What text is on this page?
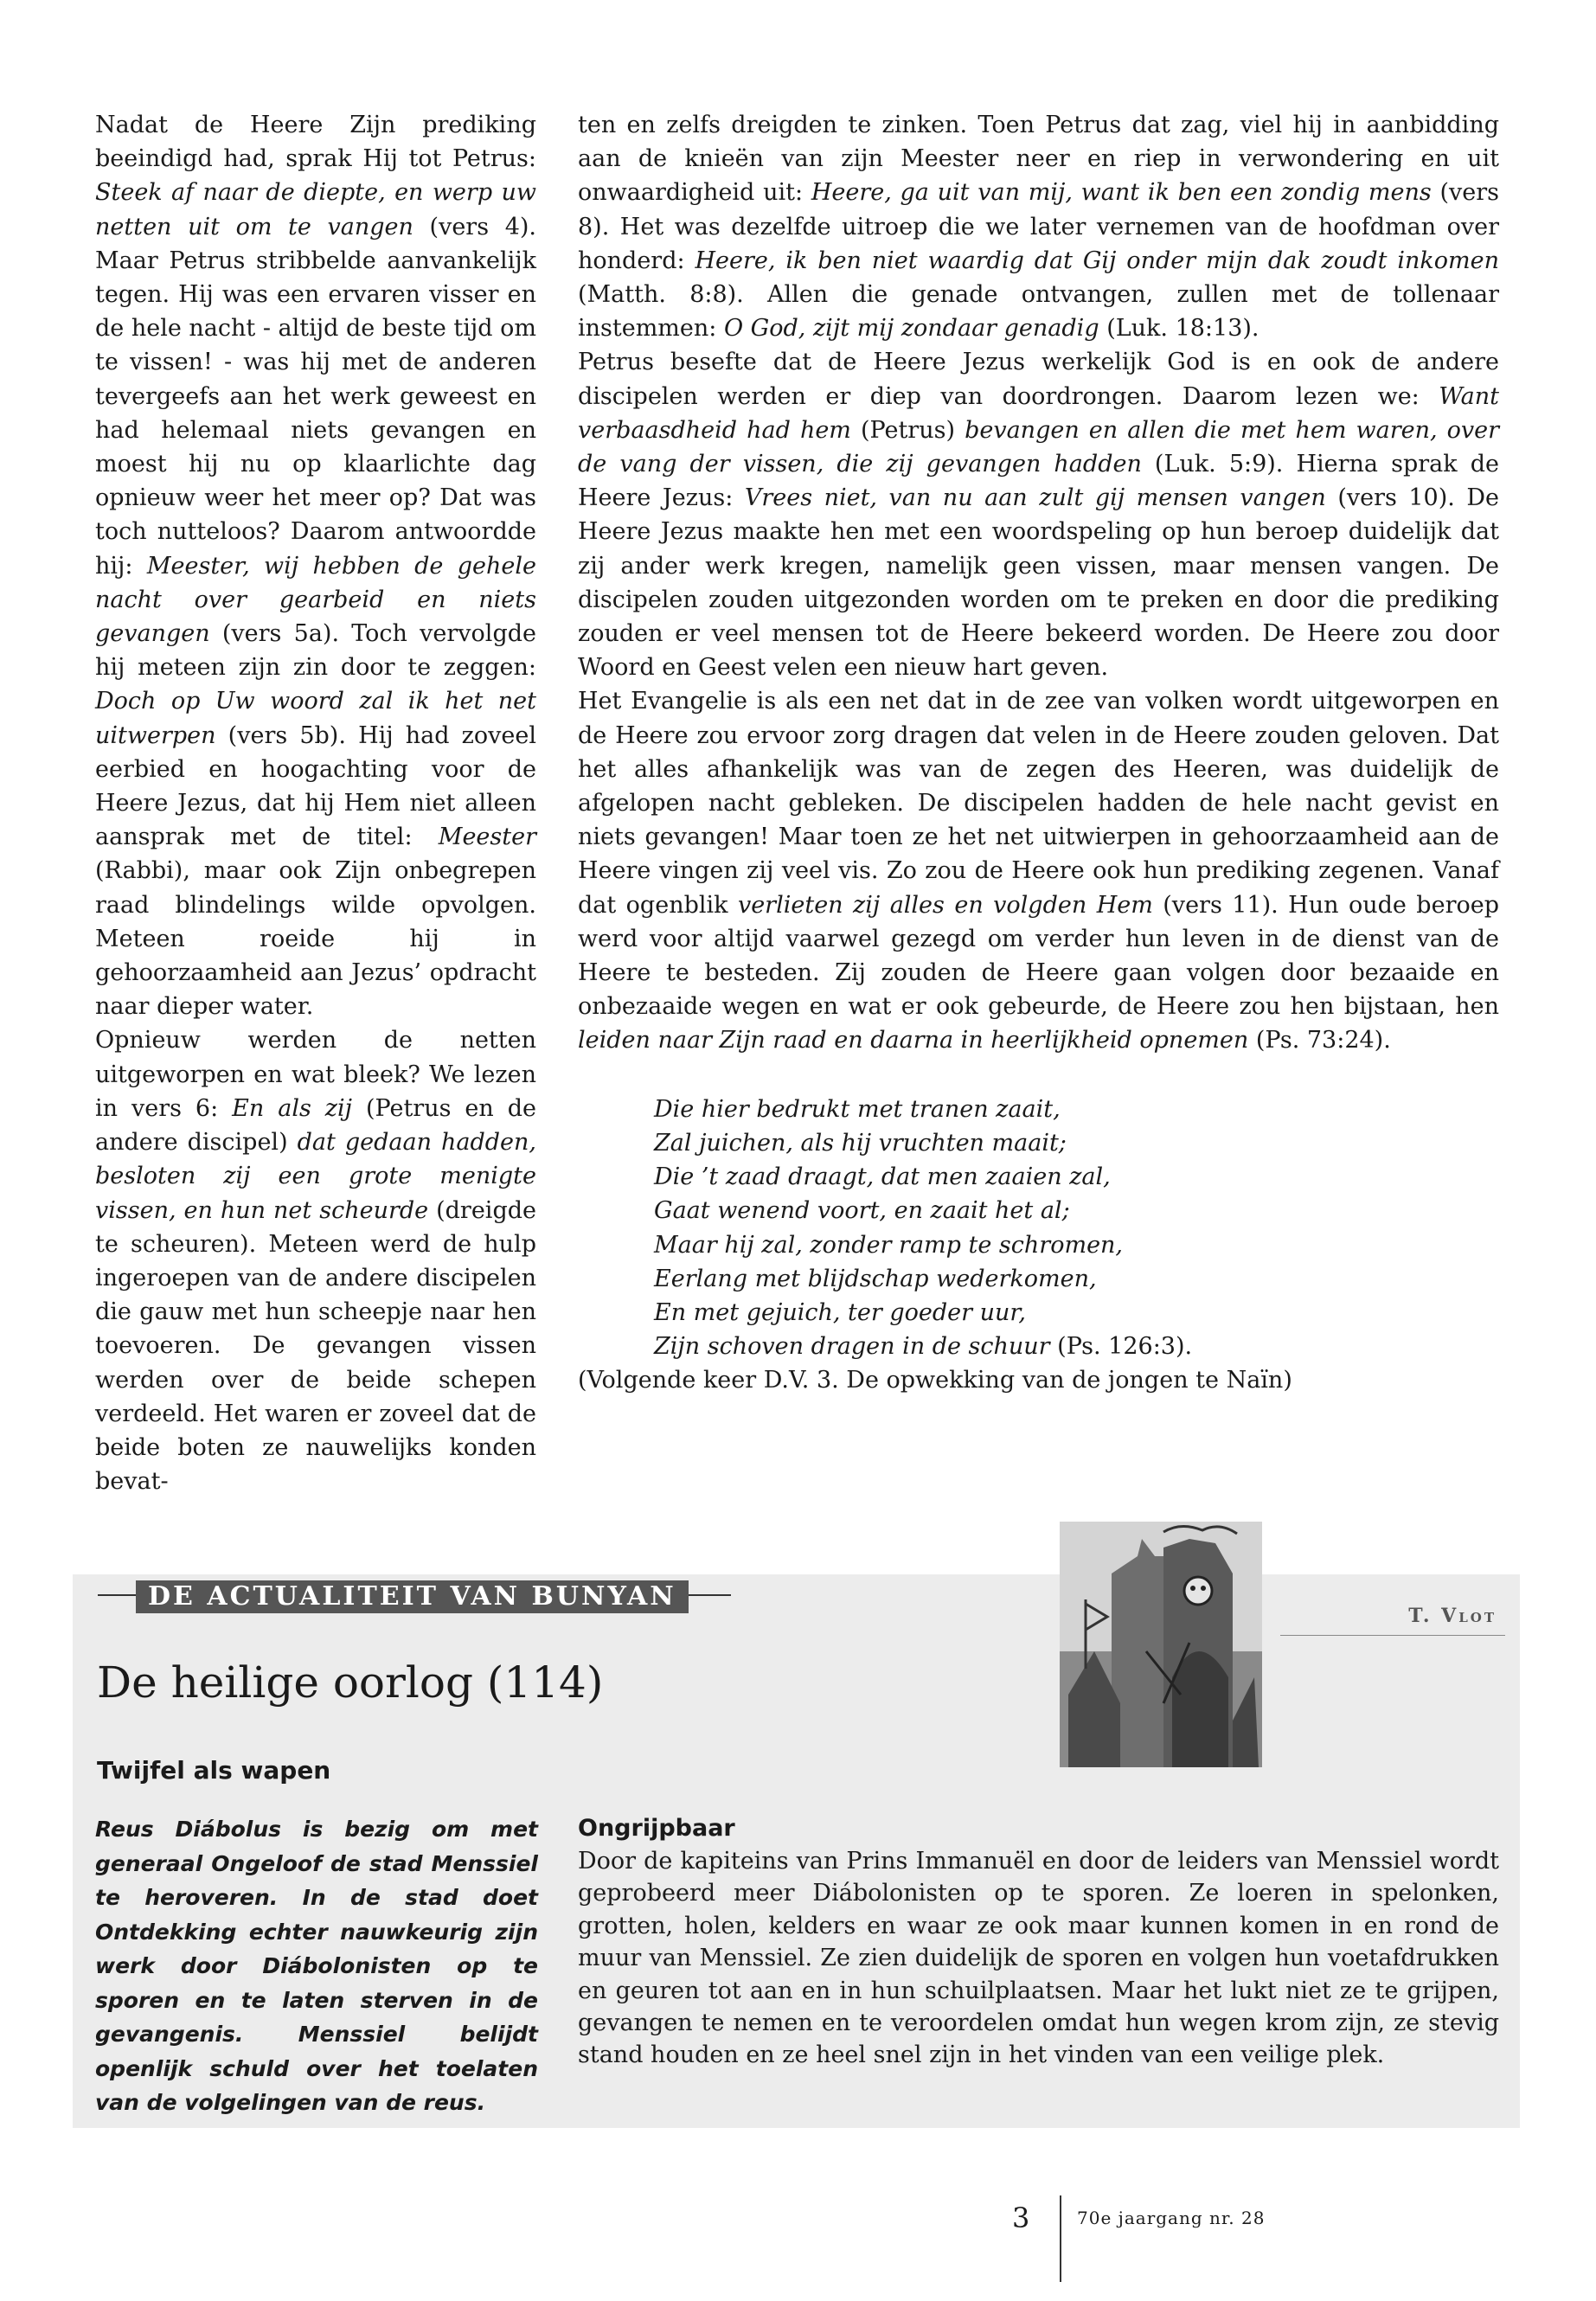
Nadat de Heere Zijn prediking beeindigd had, sprak Hij tot Petrus: Steek af naar de diepte, en werp uw netten uit om te vangen (vers 4). Maar Petrus stribbelde aanvankelijk tegen. Hij was een ervaren visser en de hele nacht - altijd de beste tijd om te vissen! - was hij met de anderen tevergeefs aan het werk geweest en had helemaal niets gevangen en moest hij nu op klaarlichte dag opnieuw weer het meer op? Dat was toch nutteloos? Daarom antwoordde hij: Meester, wij hebben de gehele nacht over gearbeid en niets gevangen (vers 5a). Toch vervolgde hij meteen zijn zin door te zeggen: Doch op Uw woord zal ik het net uitwerpen (vers 5b). Hij had zoveel eerbied en hoogachting voor de Heere Jezus, dat hij Hem niet alleen aansprak met de titel: Meester (Rabbi), maar ook Zijn onbegrepen raad blindelings wilde opvolgen. Meteen roeide hij in gehoorzaamheid aan Jezus’ opdracht naar dieper water.

Opnieuw werden de netten uitgeworpen en wat bleek? We lezen in vers 6: En als zij (Petrus en de andere discipel) dat gedaan hadden, besloten zij een grote menigte vissen, en hun net scheurde (dreigde te scheuren). Meteen werd de hulp ingeroepen van de andere discipelen die gauw met hun scheepje naar hen toevoeren. De gevangen vissen werden over de beide schepen verdeeld. Het waren er zoveel dat de beide boten ze nauwelijks konden bevat-

ten en zelfs dreigden te zinken. Toen Petrus dat zag, viel hij in aanbidding aan de knieën van zijn Meester neer en riep in verwondering en uit onwaardigheid uit: Heere, ga uit van mij, want ik ben een zondig mens (vers 8). Het was dezelfde uitroep die we later vernemen van de hoofdman over honderd: Heere, ik ben niet waardig dat Gij onder mijn dak zoudt inkomen (Matth. 8:8). Allen die genade ontvangen, zullen met de tollenaar instemmen: O God, zijt mij zondaar genadig (Luk. 18:13).

Petrus besefte dat de Heere Jezus werkelijk God is en ook de andere discipelen werden er diep van doordrongen. Daarom lezen we: Want verbaasdheid had hem (Petrus) bevangen en allen die met hem waren, over de vang der vissen, die zij gevangen hadden (Luk. 5:9). Hierna sprak de Heere Jezus: Vrees niet, van nu aan zult gij mensen vangen (vers 10). De Heere Jezus maakte hen met een woordspeling op hun beroep duidelijk dat zij ander werk kregen, namelijk geen vissen, maar mensen vangen. De discipelen zouden uitgezonden worden om te preken en door die prediking zouden er veel mensen tot de Heere bekeerd worden. De Heere zou door Woord en Geest velen een nieuw hart geven.

Het Evangelie is als een net dat in de zee van volken wordt uitgeworpen en de Heere zou ervoor zorg dragen dat velen in de Heere zouden geloven. Dat het alles afhankelijk was van de zegen des Heeren, was duidelijk de afgelopen nacht gebleken. De discipelen hadden de hele nacht gevist en niets gevangen! Maar toen ze het net uitwierpen in gehoorzaamheid aan de Heere vingen zij veel vis. Zo zou de Heere ook hun prediking zegenen. Vanaf dat ogenblik verlieten zij alles en volgden Hem (vers 11). Hun oude beroep werd voor altijd vaarwel gezegd om verder hun leven in de dienst van de Heere te besteden. Zij zouden de Heere gaan volgen door bezaaide en onbezaaide wegen en wat er ook gebeurde, de Heere zou hen bijstaan, hen leiden naar Zijn raad en daarna in heerlijkheid opnemen (Ps. 73:24).

Die hier bedrukt met tranen zaait,
Zal juichen, als hij vruchten maait;
Die ’t zaad draagt, dat men zaaien zal,
Gaat wenend voort, en zaait het al;
Maar hij zal, zonder ramp te schromen,
Eerlang met blijdschap wederkomen,
En met gejuich, ter goeder uur,
Zijn schoven dragen in de schuur (Ps. 126:3).

(Volgende keer D.V. 3. De opwekking van de jongen te Naïn)

DE ACTUALITEIT VAN BUNYAN
T. Vlot
De heilige oorlog (114)
Twijfel als wapen

Reus Diábolus is bezig om met generaal Ongeloof de stad Menssiel te heroveren. In de stad doet Ontdekking echter nauwkeurig zijn werk door Diábolonisten op te sporen en te laten sterven in de gevangenis. Menssiel belijdt openlijk schuld over het toelaten van de volgelingen van de reus.

Ongrijpbaar

Door de kapiteins van Prins Immanuël en door de leiders van Menssiel wordt geprobeerd meer Diábolonisten op te sporen. Ze loeren in spelonken, grotten, holen, kelders en waar ze ook maar kunnen komen in en rond de muur van Menssiel. Ze zien duidelijk de sporen en volgen hun voetafdrukken en geuren tot aan en in hun schuilplaatsen. Maar het lukt niet ze te grijpen, gevangen te nemen en te veroordelen omdat hun wegen krom zijn, ze stevig stand houden en ze heel snel zijn in het vinden van een veilige plek.

3	70e jaargang nr. 28
